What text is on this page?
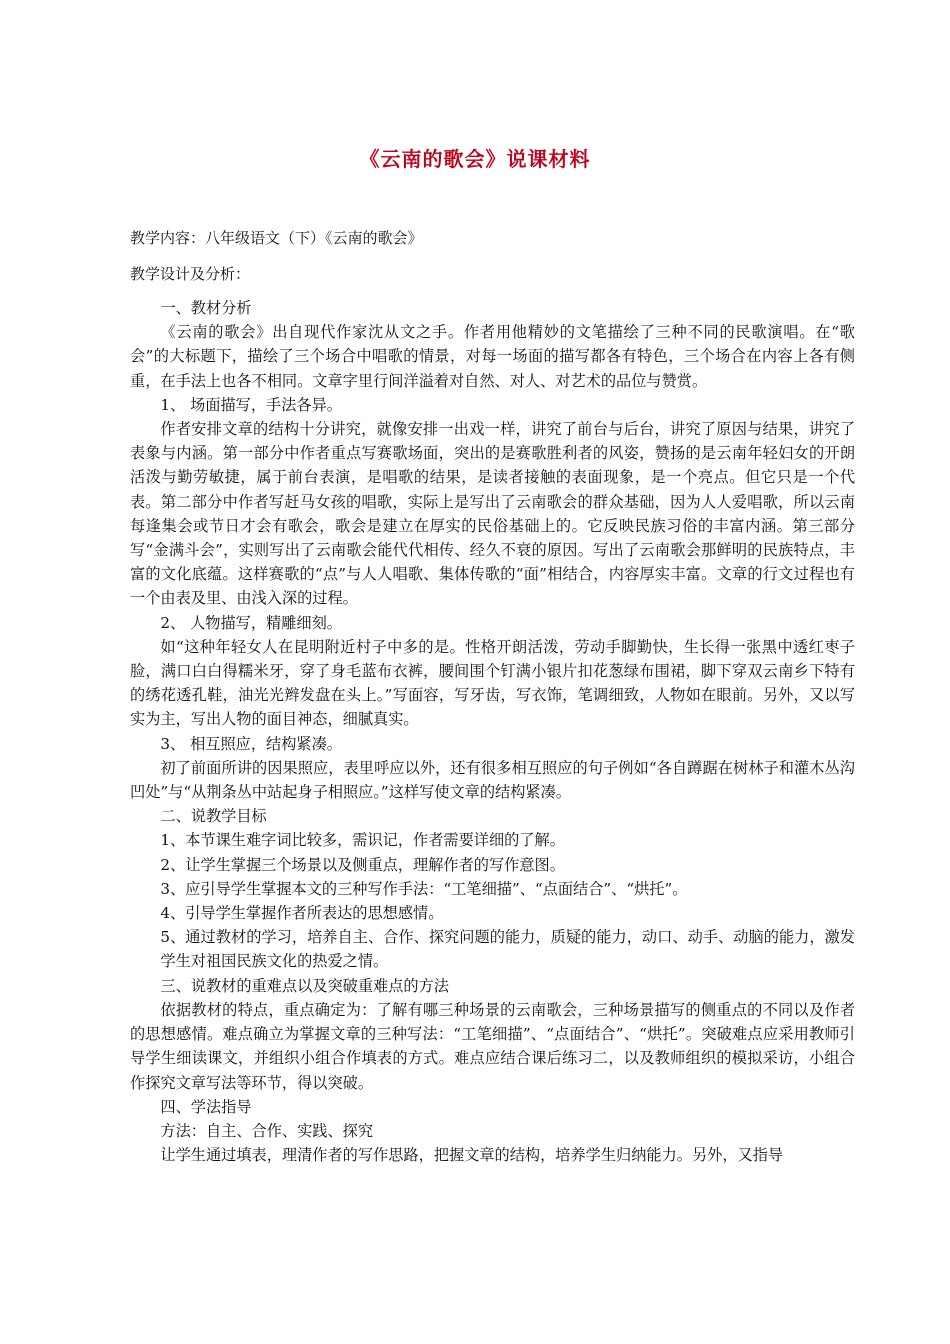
《云南的歌会》说课材料
教学内容：八年级语文（下）《云南的歌会》
教学设计及分析：

一、教材分析

《云南的歌会》出自现代作家沈从文之手。作者用他精妙的文笔描绘了三种不同的民歌演唱。在“歌会”的大标题下，描绘了三个场合中唱歌的情景，对每一场面的描写都各有特色，三个场合在内容上各有侧重，在手法上也各不相同。文章字里行间洋溢着对自然、对人、对艺术的品位与赞赏。

1、 场面描写，手法各异。

作者安排文章的结构十分讲究，就像安排一出戏一样，讲究了前台与后台，讲究了原因与结果，讲究了表象与内涵。第一部分中作者重点写赛歌场面，突出的是赛歌胜利者的风姿，赞扬的是云南年轻妇女的开朗活泼与勤劳敏捷，属于前台表演，是唱歌的结果，是读者接触的表面现象，是一个亮点。但它只是一个代表。第二部分中作者写赶马女孩的唱歌，实际上是写出了云南歌会的群众基础，因为人人爱唱歌，所以云南每逢集会或节日才会有歌会，歌会是建立在厚实的民俗基础上的。它反映民族习俗的丰富内涵。第三部分写“金满斗会”，实则写出了云南歌会能代代相传、经久不衰的原因。写出了云南歌会那鲜明的民族特点，丰富的文化底蕴。这样赛歌的“点”与人人唱歌、集体传歌的“面”相结合，内容厚实丰富。文章的行文过程也有一个由表及里、由浅入深的过程。

2、 人物描写，精雕细刻。

如“这种年轻女人在昆明附近村子中多的是。性格开朗活泼，劳动手脚勤快，生长得一张黑中透红枣子脸，满口白白得糯米牙，穿了身毛蓝布衣裤，腰间围个钉满小银片扣花葱绿布围裙，脚下穿双云南乡下特有的绣花透孔鞋，油光光辫发盘在头上。”写面容，写牙齿，写衣饰，笔调细致，人物如在眼前。另外，又以写实为主，写出人物的面目神态，细腻真实。

3、 相互照应，结构紧凑。

初了前面所讲的因果照应，表里呼应以外，还有很多相互照应的句子例如“各自蹲踞在树林子和灌木丛沟凹处”与“从荆条丛中站起身子相照应。”这样写使文章的结构紧凑。

二、说教学目标

1、本节课生难字词比较多，需识记，作者需要详细的了解。

2、让学生掌握三个场景以及侧重点，理解作者的写作意图。

3、应引导学生掌握本文的三种写作手法：“工笔细描”、“点面结合”、“烘托”。

4、引导学生掌握作者所表达的思想感情。

5、通过教材的学习，培养自主、合作、探究问题的能力，质疑的能力，动口、动手、动脑的能力，激发学生对祖国民族文化的热爱之情。

三、说教材的重难点以及突破重难点的方法

依据教材的特点，重点确定为：了解有哪三种场景的云南歌会，三种场景描写的侧重点的不同以及作者的思想感情。难点确立为掌握文章的三种写法：“工笔细描”、“点面结合”、“烘托”。突破难点应采用教师引导学生细读课文，并组织小组合作填表的方式。难点应结合课后练习二，以及教师组织的模拟采访，小组合作探究文章写法等环节，得以突破。

四、学法指导

方法：自主、合作、实践、探究

让学生通过填表，理清作者的写作思路，把握文章的结构，培养学生归纳能力。另外，又指导
